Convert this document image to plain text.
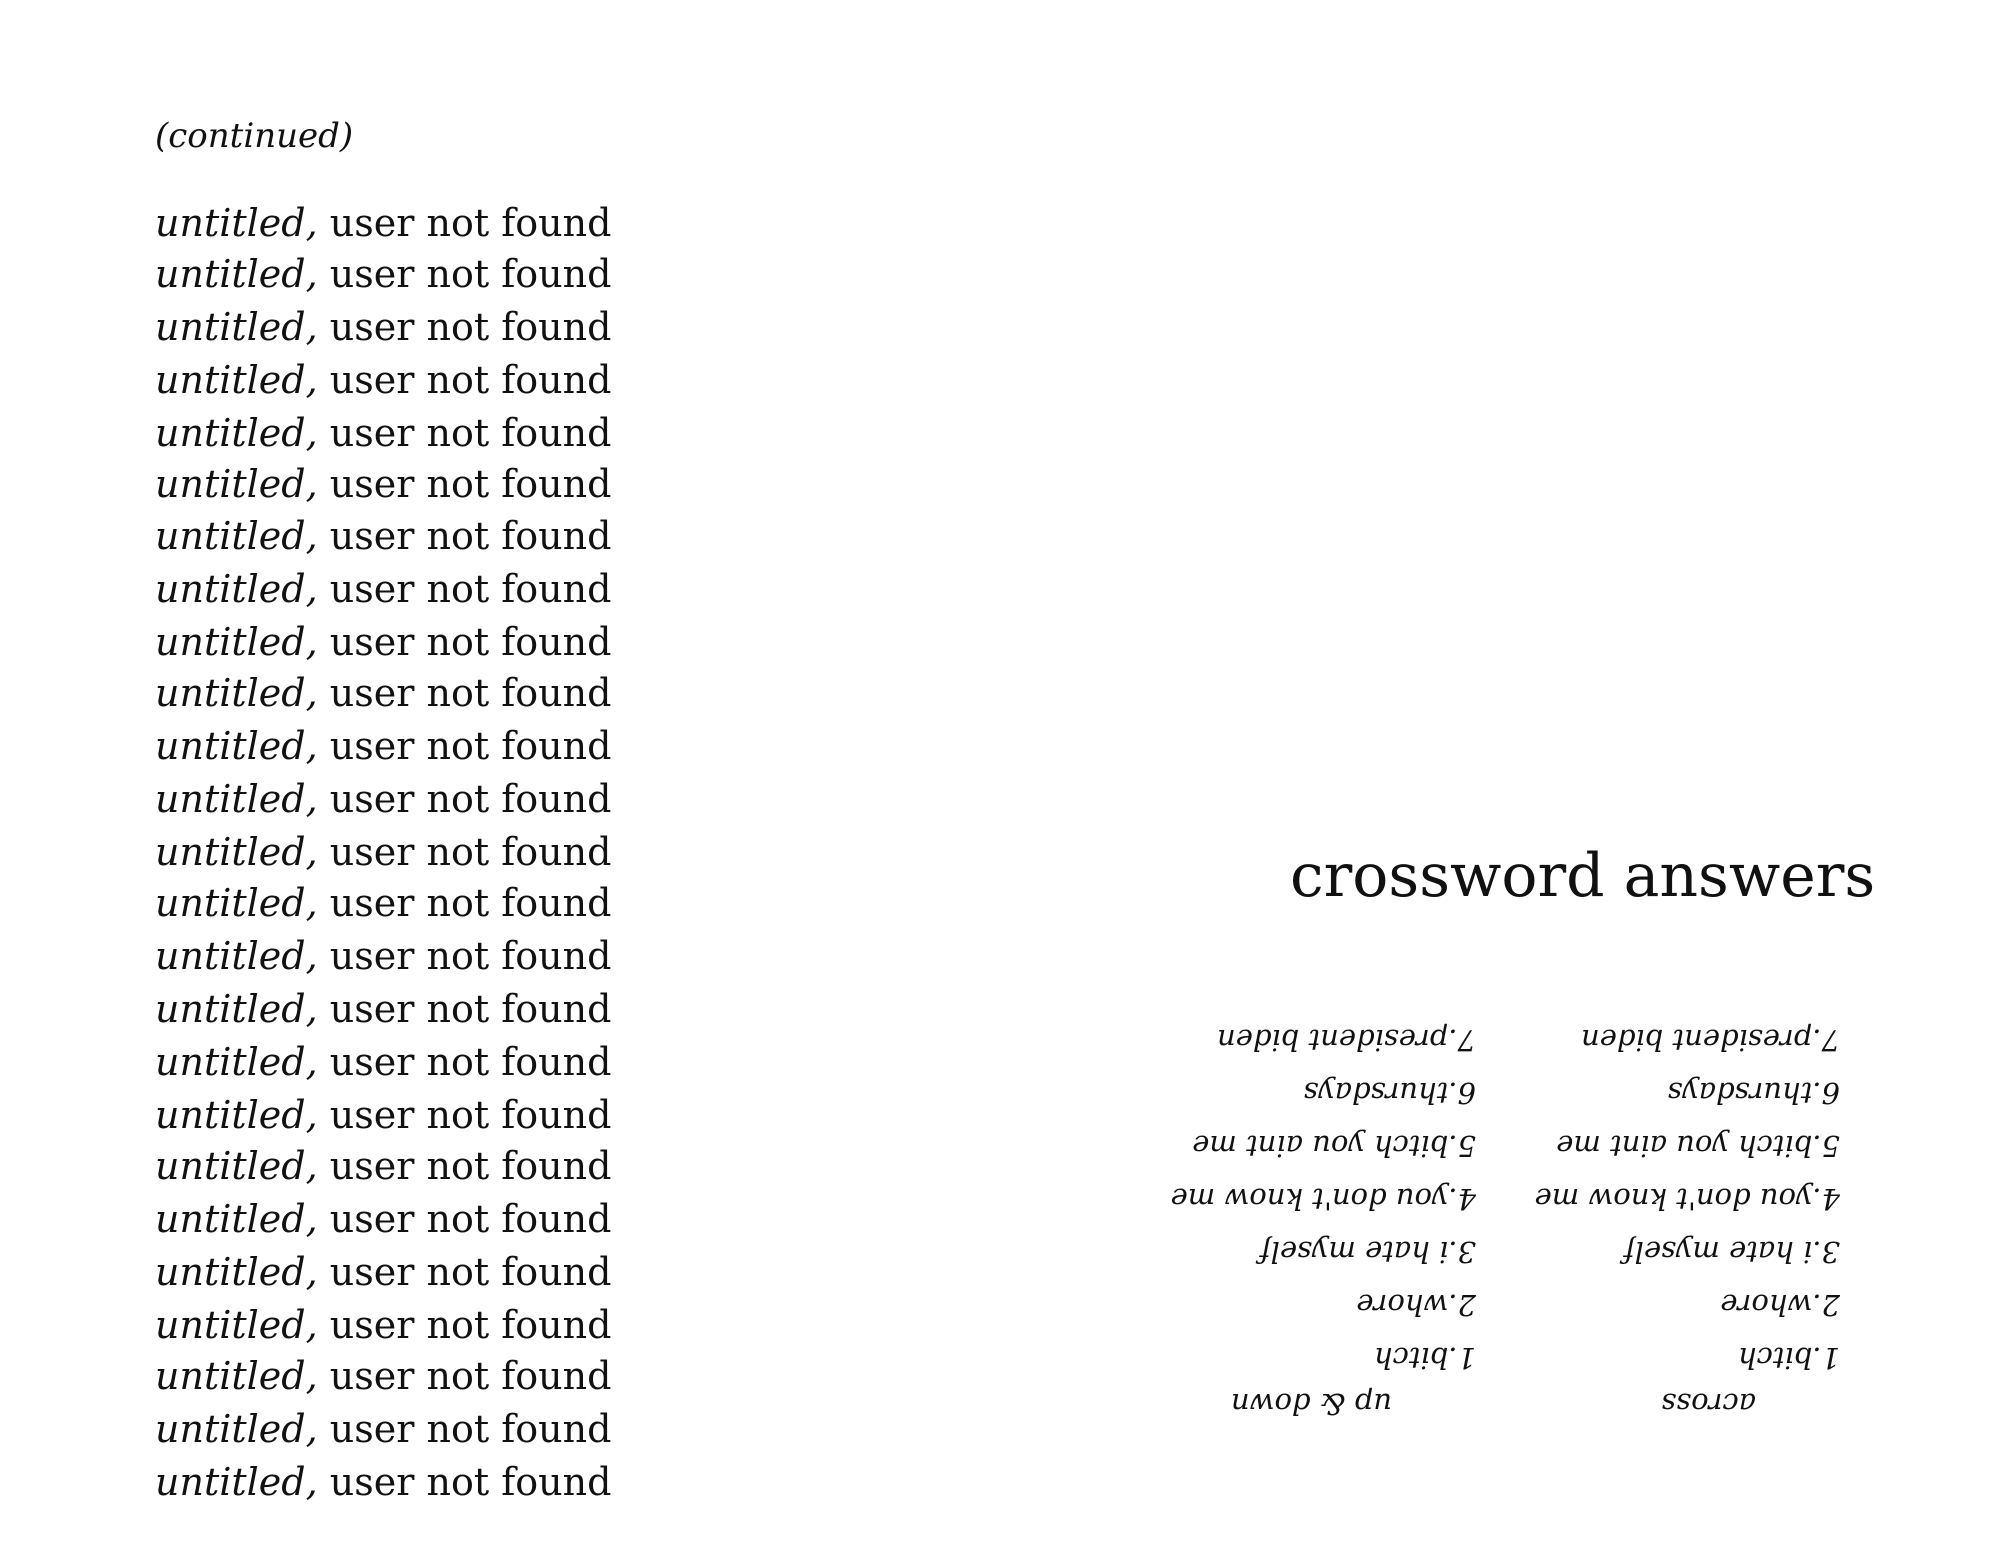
(continued)
untitled, user not found
untitled, user not found
untitled, user not found
untitled, user not found
untitled, user not found
untitled, user not found
untitled, user not found
untitled, user not found
untitled, user not found
untitled, user not found
untitled, user not found
untitled, user not found
untitled, user not found
untitled, user not found
untitled, user not found
untitled, user not found
untitled, user not found
untitled, user not found
untitled, user not found
untitled, user not found
untitled, user not found
untitled, user not found
untitled, user not found
untitled, user not found
untitled, user not found
crossword answers
across
1.bitch
2.whore
3.i hate myself
4.you don't know me
5.bitch you aint me
6.thursdays
7.president biden
up & down
1.bitch
2.whore
3.i hate myself
4.you don't know me
5.bitch you aint me
6.thursdays
7.president biden
